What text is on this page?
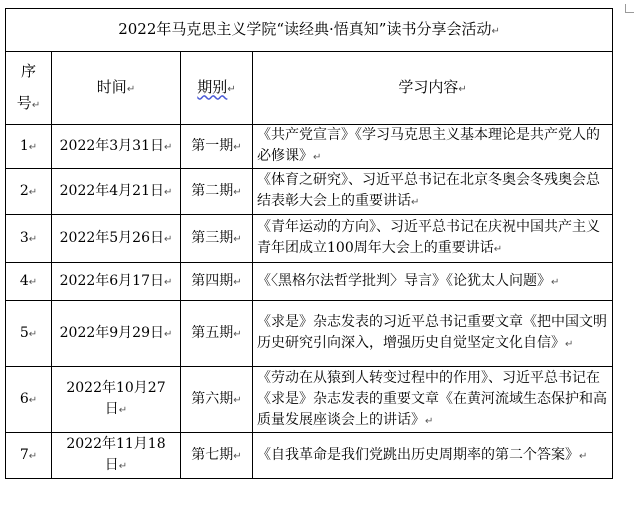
2022年马克思主义学院“读经典·悟真知”读书分享会活动↵			

序
号↵	时间↵	期别↵	学习内容↵
1↵	2022年3月31日↵	第一期↵	《共产党宣言》《学习马克思主义基本理论是共产党人的必修课》↵
2↵	2022年4月21日↵	第二期↵	《体育之研究》、习近平总书记在北京冬奥会冬残奥会总结表彰大会上的重要讲话↵
3↵	2022年5月26日↵	第三期↵	《青年运动的方向》、习近平总书记在庆祝中国共产主义青年团成立100周年大会上的重要讲话↵
4↵	2022年6月17日↵	第四期↵	《〈黑格尔法哲学批判〉导言》《论犹太人问题》↵
5↵	2022年9月29日↵	第五期↵	《求是》杂志发表的习近平总书记重要文章《把中国文明历史研究引向深入，增强历史自觉坚定文化自信》↵
6↵	2022年10月27
日↵	第六期↵	《劳动在从猿到人转变过程中的作用》、习近平总书记在《求是》杂志发表的重要文章《在黄河流域生态保护和高质量发展座谈会上的讲话》↵
7↵	2022年11月18
日↵	第七期↵	《自我革命是我们党跳出历史周期率的第二个答案》↵
